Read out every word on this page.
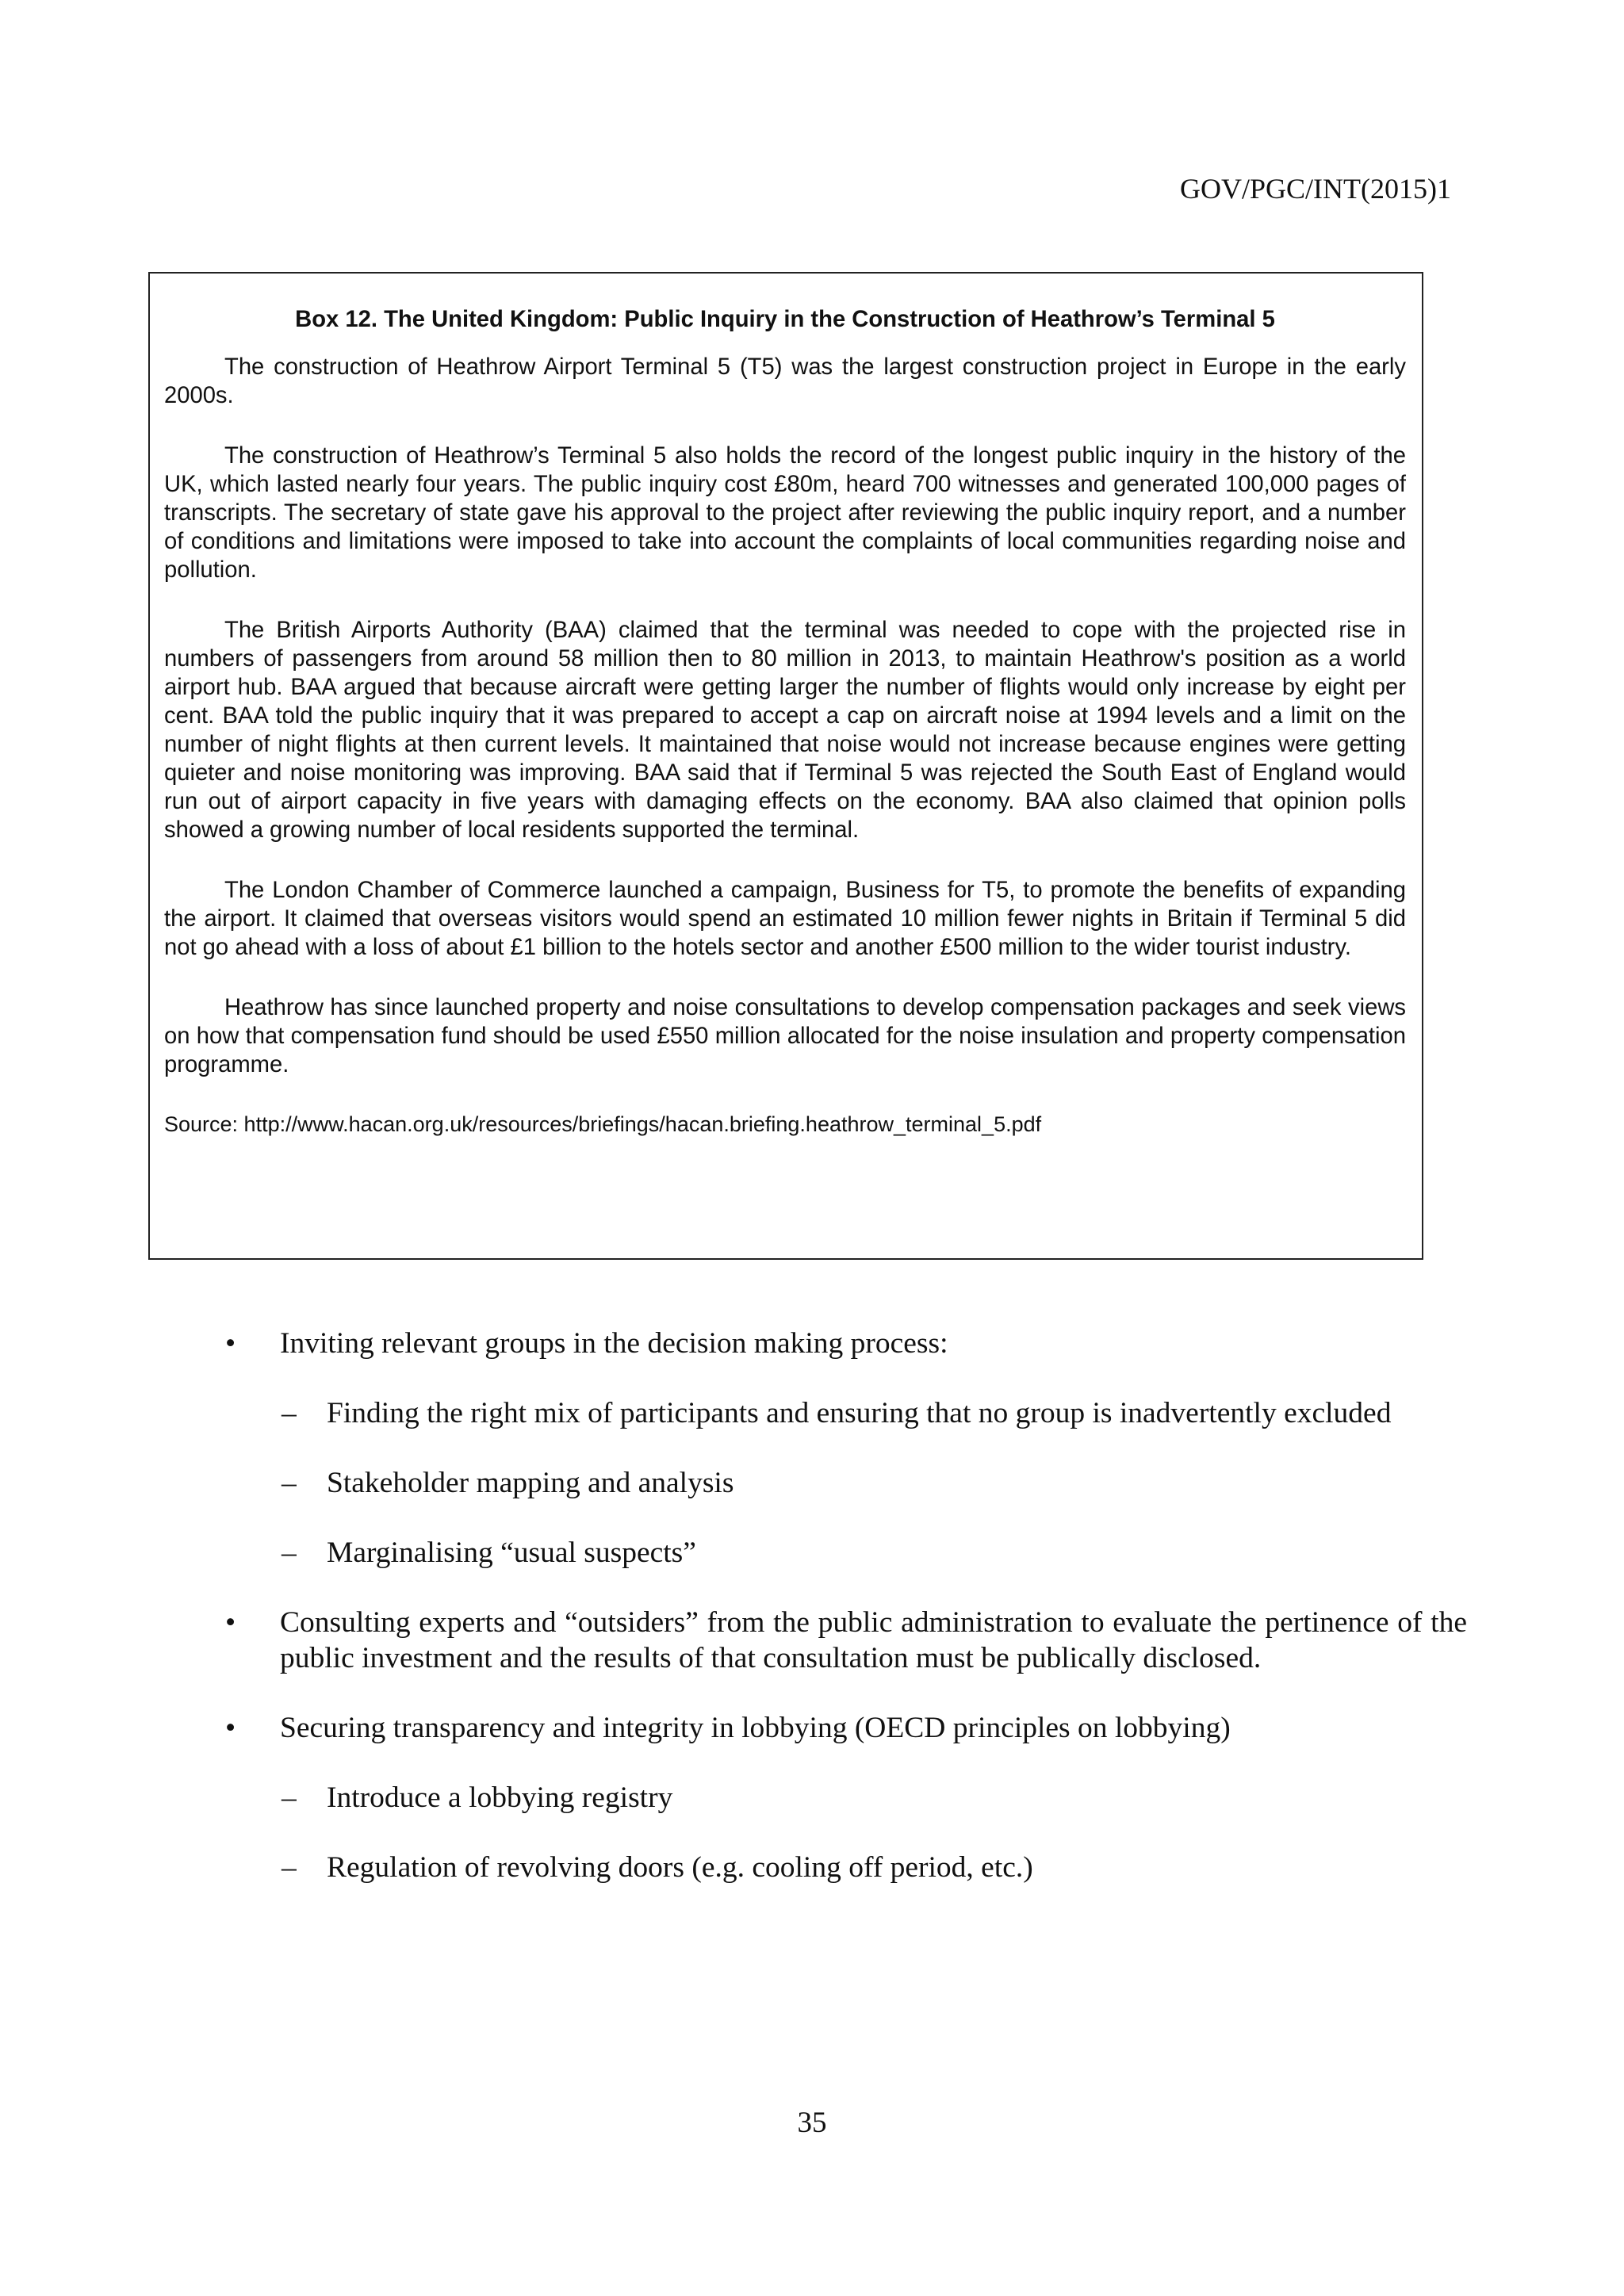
GOV/PGC/INT(2015)1

Box 12. The United Kingdom: Public Inquiry in the Construction of Heathrow’s Terminal 5

The construction of Heathrow Airport Terminal 5 (T5) was the largest construction project in Europe in the early 2000s.

The construction of Heathrow’s Terminal 5 also holds the record of the longest public inquiry in the history of the UK, which lasted nearly four years. The public inquiry cost £80m, heard 700 witnesses and generated 100,000 pages of transcripts. The secretary of state gave his approval to the project after reviewing the public inquiry report, and a number of conditions and limitations were imposed to take into account the complaints of local communities regarding noise and pollution.

The British Airports Authority (BAA) claimed that the terminal was needed to cope with the projected rise in numbers of passengers from around 58 million then to 80 million in 2013, to maintain Heathrow's position as a world airport hub. BAA argued that because aircraft were getting larger the number of flights would only increase by eight per cent. BAA told the public inquiry that it was prepared to accept a cap on aircraft noise at 1994 levels and a limit on the number of night flights at then current levels. It maintained that noise would not increase because engines were getting quieter and noise monitoring was improving. BAA said that if Terminal 5 was rejected the South East of England would run out of airport capacity in five years with damaging effects on the economy. BAA also claimed that opinion polls showed a growing number of local residents supported the terminal.

The London Chamber of Commerce launched a campaign, Business for T5, to promote the benefits of expanding the airport. It claimed that overseas visitors would spend an estimated 10 million fewer nights in Britain if Terminal 5 did not go ahead with a loss of about £1 billion to the hotels sector and another £500 million to the wider tourist industry.

Heathrow has since launched property and noise consultations to develop compensation packages and seek views on how that compensation fund should be used £550 million allocated for the noise insulation and property compensation programme.

Source: http://www.hacan.org.uk/resources/briefings/hacan.briefing.heathrow_terminal_5.pdf

• Inviting relevant groups in the decision making process:
– Finding the right mix of participants and ensuring that no group is inadvertently excluded
– Stakeholder mapping and analysis
– Marginalising “usual suspects”
• Consulting experts and “outsiders” from the public administration to evaluate the pertinence of the public investment and the results of that consultation must be publically disclosed.
• Securing transparency and integrity in lobbying (OECD principles on lobbying)
– Introduce a lobbying registry
– Regulation of revolving doors (e.g. cooling off period, etc.)

35
